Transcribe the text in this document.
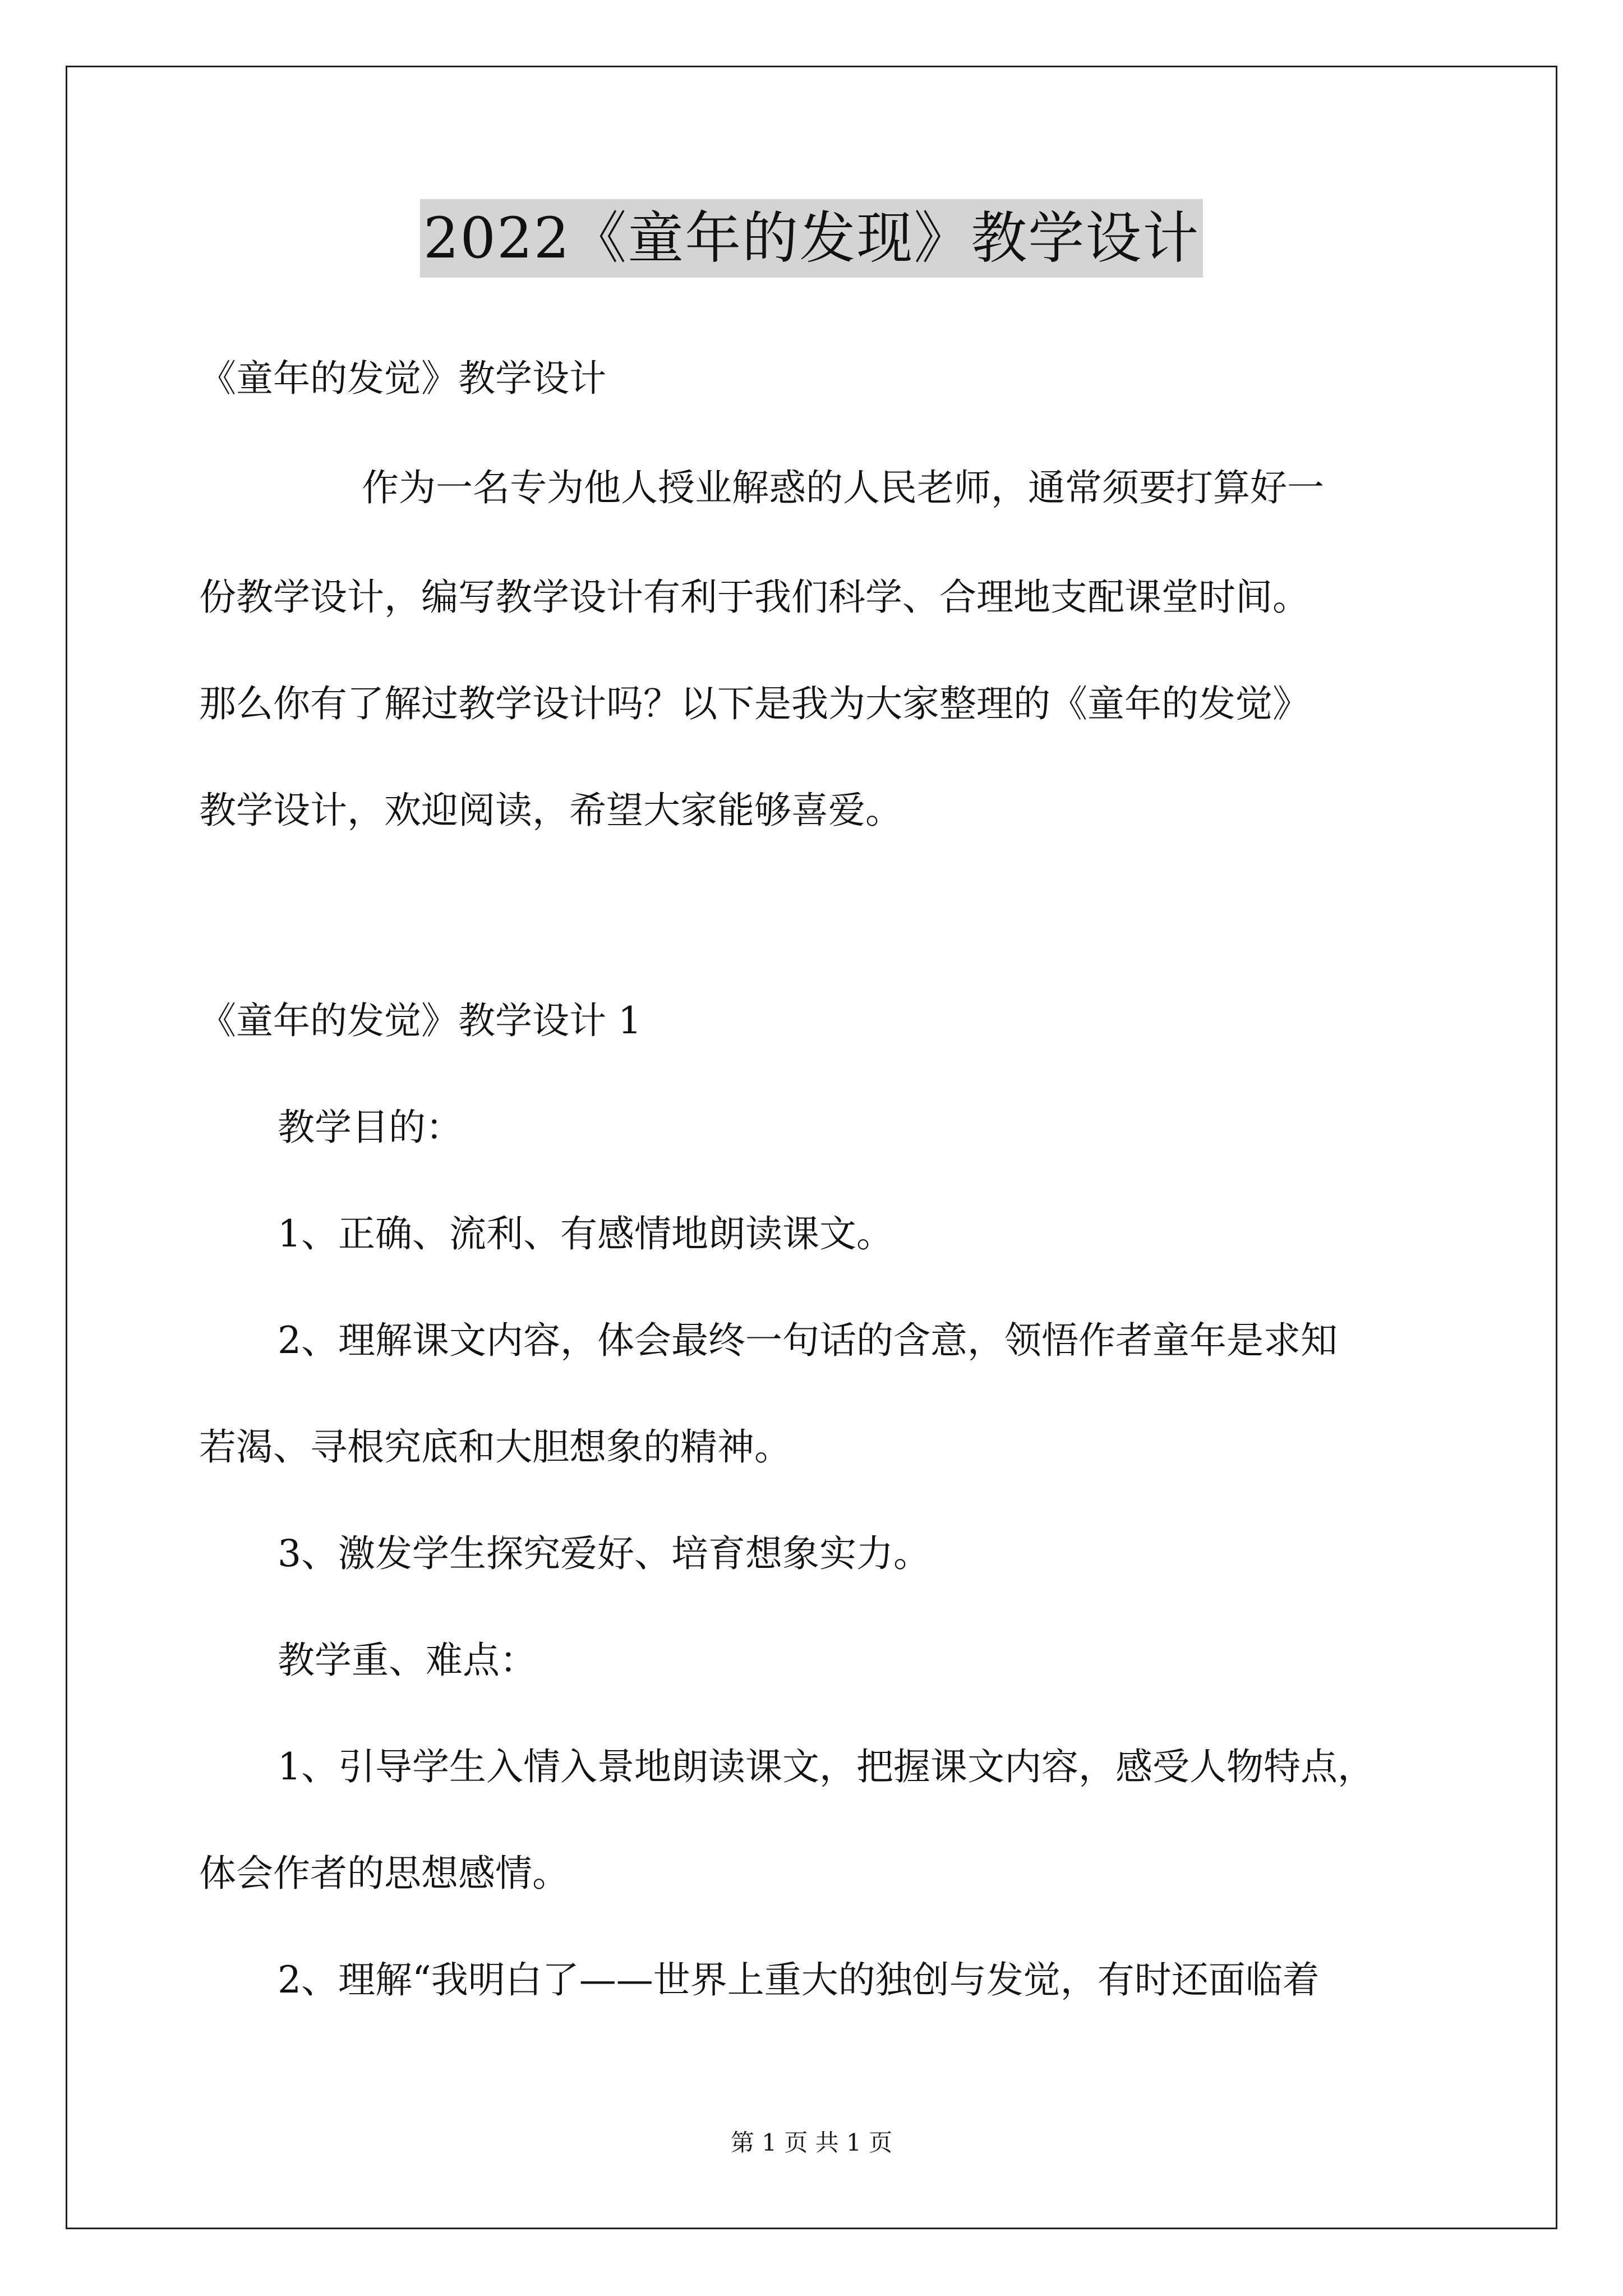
2022《童年的发现》教学设计
《童年的发觉》教学设计
作为一名专为他人授业解惑的人民老师，通常须要打算好一
份教学设计，编写教学设计有利于我们科学、合理地支配课堂时间。
那么你有了解过教学设计吗？以下是我为大家整理的《童年的发觉》
教学设计，欢迎阅读，希望大家能够喜爱。
《童年的发觉》教学设计 1
教学目的：
1、正确、流利、有感情地朗读课文。
2、理解课文内容，体会最终一句话的含意，领悟作者童年是求知
若渴、寻根究底和大胆想象的精神。
3、激发学生探究爱好、培育想象实力。
教学重、难点：
1、引导学生入情入景地朗读课文，把握课文内容，感受人物特点，
体会作者的思想感情。
2、理解“我明白了——世界上重大的独创与发觉，有时还面临着
第 1 页 共 1 页
